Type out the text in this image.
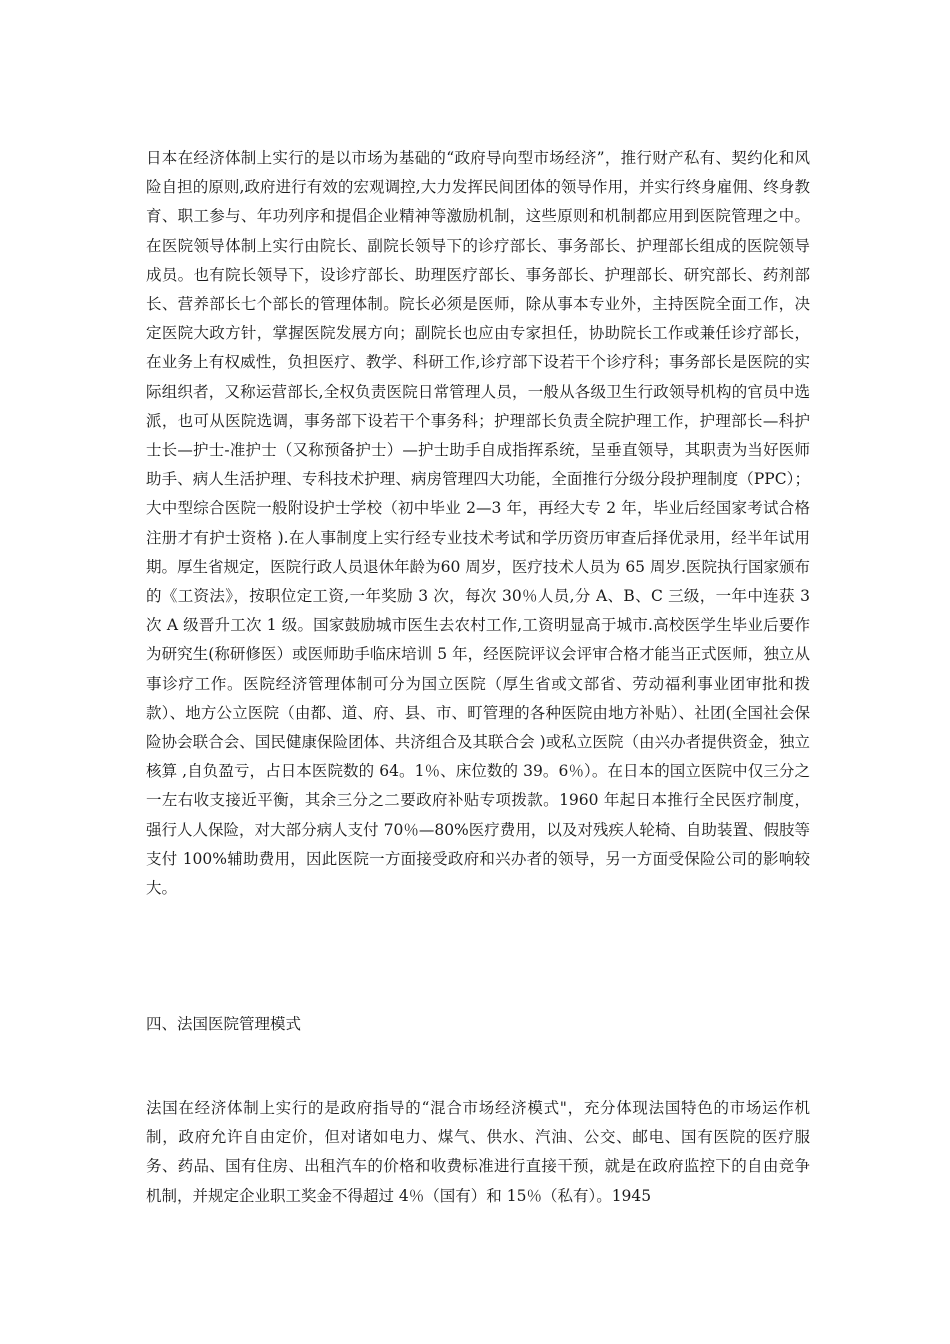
日本在经济体制上实行的是以市场为基础的“政府导向型市场经济”，推行财产私有、契约化和风险自担的原则,政府进行有效的宏观调控,大力发挥民间团体的领导作用，并实行终身雇佣、终身教育、职工参与、年功列序和提倡企业精神等激励机制，这些原则和机制都应用到医院管理之中。在医院领导体制上实行由院长、副院长领导下的诊疗部长、事务部长、护理部长组成的医院领导成员。也有院长领导下，设诊疗部长、助理医疗部长、事务部长、护理部长、研究部长、药剂部长、营养部长七个部长的管理体制。院长必须是医师，除从事本专业外，主持医院全面工作，决定医院大政方针，掌握医院发展方向；副院长也应由专家担任，协助院长工作或兼任诊疗部长，在业务上有权威性，负担医疗、教学、科研工作,诊疗部下设若干个诊疗科；事务部长是医院的实际组织者，又称运营部长,全权负责医院日常管理人员，一般从各级卫生行政领导机构的官员中选派，也可从医院选调，事务部下设若干个事务科；护理部长负责全院护理工作，护理部长—科护士长—护士-准护士（又称预备护士）—护士助手自成指挥系统，呈垂直领导，其职责为当好医师助手、病人生活护理、专科技术护理、病房管理四大功能，全面推行分级分段护理制度（PPC）；大中型综合医院一般附设护士学校（初中毕业 2—3 年，再经大专 2 年，毕业后经国家考试合格注册才有护士资格 ).在人事制度上实行经专业技术考试和学历资历审查后择优录用，经半年试用期。厚生省规定，医院行政人员退休年龄为60 周岁，医疗技术人员为 65 周岁.医院执行国家颁布的《工资法》，按职位定工资,一年奖励 3 次，每次 30％人员,分 A、B、C 三级，一年中连获 3 次 A 级晋升工次 1 级。国家鼓励城市医生去农村工作,工资明显高于城市.高校医学生毕业后要作为研究生(称研修医）或医师助手临床培训 5 年，经医院评议会评审合格才能当正式医师，独立从事诊疗工作。医院经济管理体制可分为国立医院（厚生省或文部省、劳动福利事业团审批和拨款）、地方公立医院（由都、道、府、县、市、町管理的各种医院由地方补贴）、社团(全国社会保险协会联合会、国民健康保险团体、共济组合及其联合会 )或私立医院（由兴办者提供资金，独立核算 ,自负盈亏，占日本医院数的 64。1％、床位数的 39。6％）。在日本的国立医院中仅三分之一左右收支接近平衡，其余三分之二要政府补贴专项拨款。1960 年起日本推行全民医疗制度，强行人人保险，对大部分病人支付 70％—80%医疗费用，以及对残疾人轮椅、自助装置、假肢等支付 100%辅助费用，因此医院一方面接受政府和兴办者的领导，另一方面受保险公司的影响较大。

四、法国医院管理模式

法国在经济体制上实行的是政府指导的“混合市场经济模式"，充分体现法国特色的市场运作机制，政府允许自由定价，但对诸如电力、煤气、供水、汽油、公交、邮电、国有医院的医疗服务、药品、国有住房、出租汽车的价格和收费标准进行直接干预，就是在政府监控下的自由竞争机制，并规定企业职工奖金不得超过 4％（国有）和 15％（私有）。1945
